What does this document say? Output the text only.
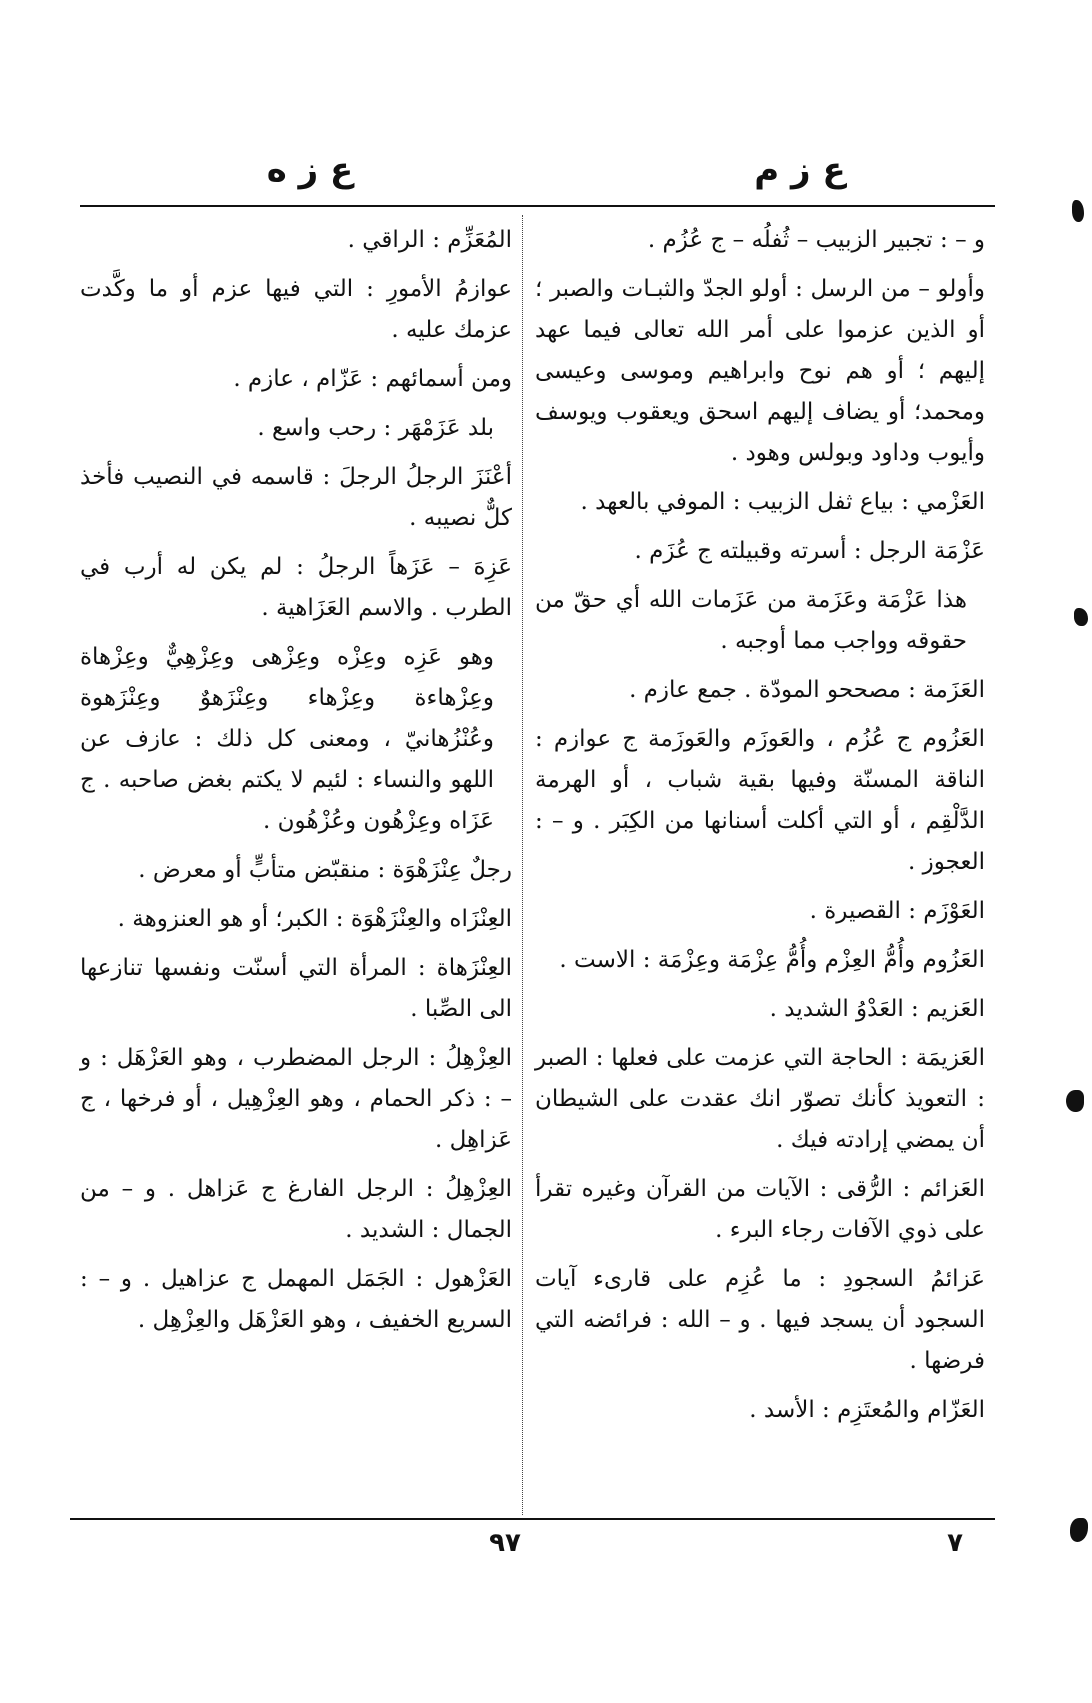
ع ز م
ع ز ه

و – : تجبير الزبيب – ثُفلُه – ج عُزُم .

وأولو – من الرسل : أولو الجدّ والثبـات والصبر ؛ أو الذين عزموا على أمر الله تعالى فيما عهد إليهم ؛ أو هم نوح وابراهيم وموسى وعيسى ومحمد؛ أو يضاف إليهم اسحق ويعقوب ويوسف وأيوب وداود وبولس وهود .

العَزْمي : بياع ثفل الزبيب : الموفي بالعهد .

عَزْمَة الرجل : أسرته وقبيلته ج عُزَم .

هذا عَزْمَة وعَزَمة من عَزَمات الله أي حقّ من حقوقه وواجب مما أوجبه .

العَزَمة : مصححو المودّة . جمع عازم .

العَزُوم ج عُزُم ، والعَوزَم والعَوزَمة ج عوازم : الناقة المسنّة وفيها بقية شباب ، أو الهرمة الدَّلْقِم ، أو التي أكلت أسنانها من الكِبَر . و – : العجوز .

العَوْزَم : القصيرة .

العَزُوم وأُمُّ العِزْم وأُمُّ عِزْمَة وعِزْمَة : الاست .

العَزيم : العَدْوُ الشديد .

العَزيمَة : الحاجة التي عزمت على فعلها : الصبر : التعويذ كأنك تصوّر انك عقدت على الشيطان أن يمضي إرادته فيك .

العَزائم : الرُّقى : الآيات من القرآن وغيره تقرأ على ذوي الآفات رجاء البرء .

عَزائمُ السجودِ : ما عُزِم على قارىء آيات السجود أن يسجد فيها . و – الله : فرائضه التي فرضها .

العَزّام والمُعتَزِم : الأسد .

المُعَزِّم : الراقي .

عوازمُ الأمورِ : التي فيها عزم أو ما وكَّدت عزمك عليه .

ومن أسمائهم : عَزّام ، عازم .

بلد عَزَمْهَر : رحب واسع .

أعْنَزَ الرجلُ الرجلَ : قاسمه في النصيب فأخذ كلٌّ نصيبه .

عَزِهَ – عَزَهاً الرجلُ : لم يكن له أرب في الطرب . والاسم العَزَاهية .

وهو عَزِه وعِزْه وعِزْهى وعِزْهِيٌّ وعِزْهاة وعِزْهاءة وعِزْهاء وعِنْزَهوٌ وعِنْزَهوة وعُنْزُهانيّ ، ومعنى كل ذلك : عازف عن اللهو والنساء : لئيم لا يكتم بغض صاحبه . ج عَزَاه وعِزْهُون وعُزْهُون .

رجلٌ عِنْزَهْوَة : منقبّض متأبٍّ أو معرض .

العِنْزَاه والعِنْزَهْوَة : الكبر؛ أو هو العنزوهة .

العِنْزَهاة : المرأة التي أسنّت ونفسها تنازعها الى الصِّبا .

العِزْهِلُ : الرجل المضطرب ، وهو العَزْهَل : و – : ذكر الحمام ، وهو العِزْهِيل ، أو فرخها ، ج عَزاهِل .

العِزْهِلُ : الرجل الفارغ ج عَزاهل . و – من الجمال : الشديد .

العَزْهول : الجَمَل المهمل ج عزاهيل . و – : السريع الخفيف ، وهو العَزْهَل والعِزْهِل .

٧
٩٧
